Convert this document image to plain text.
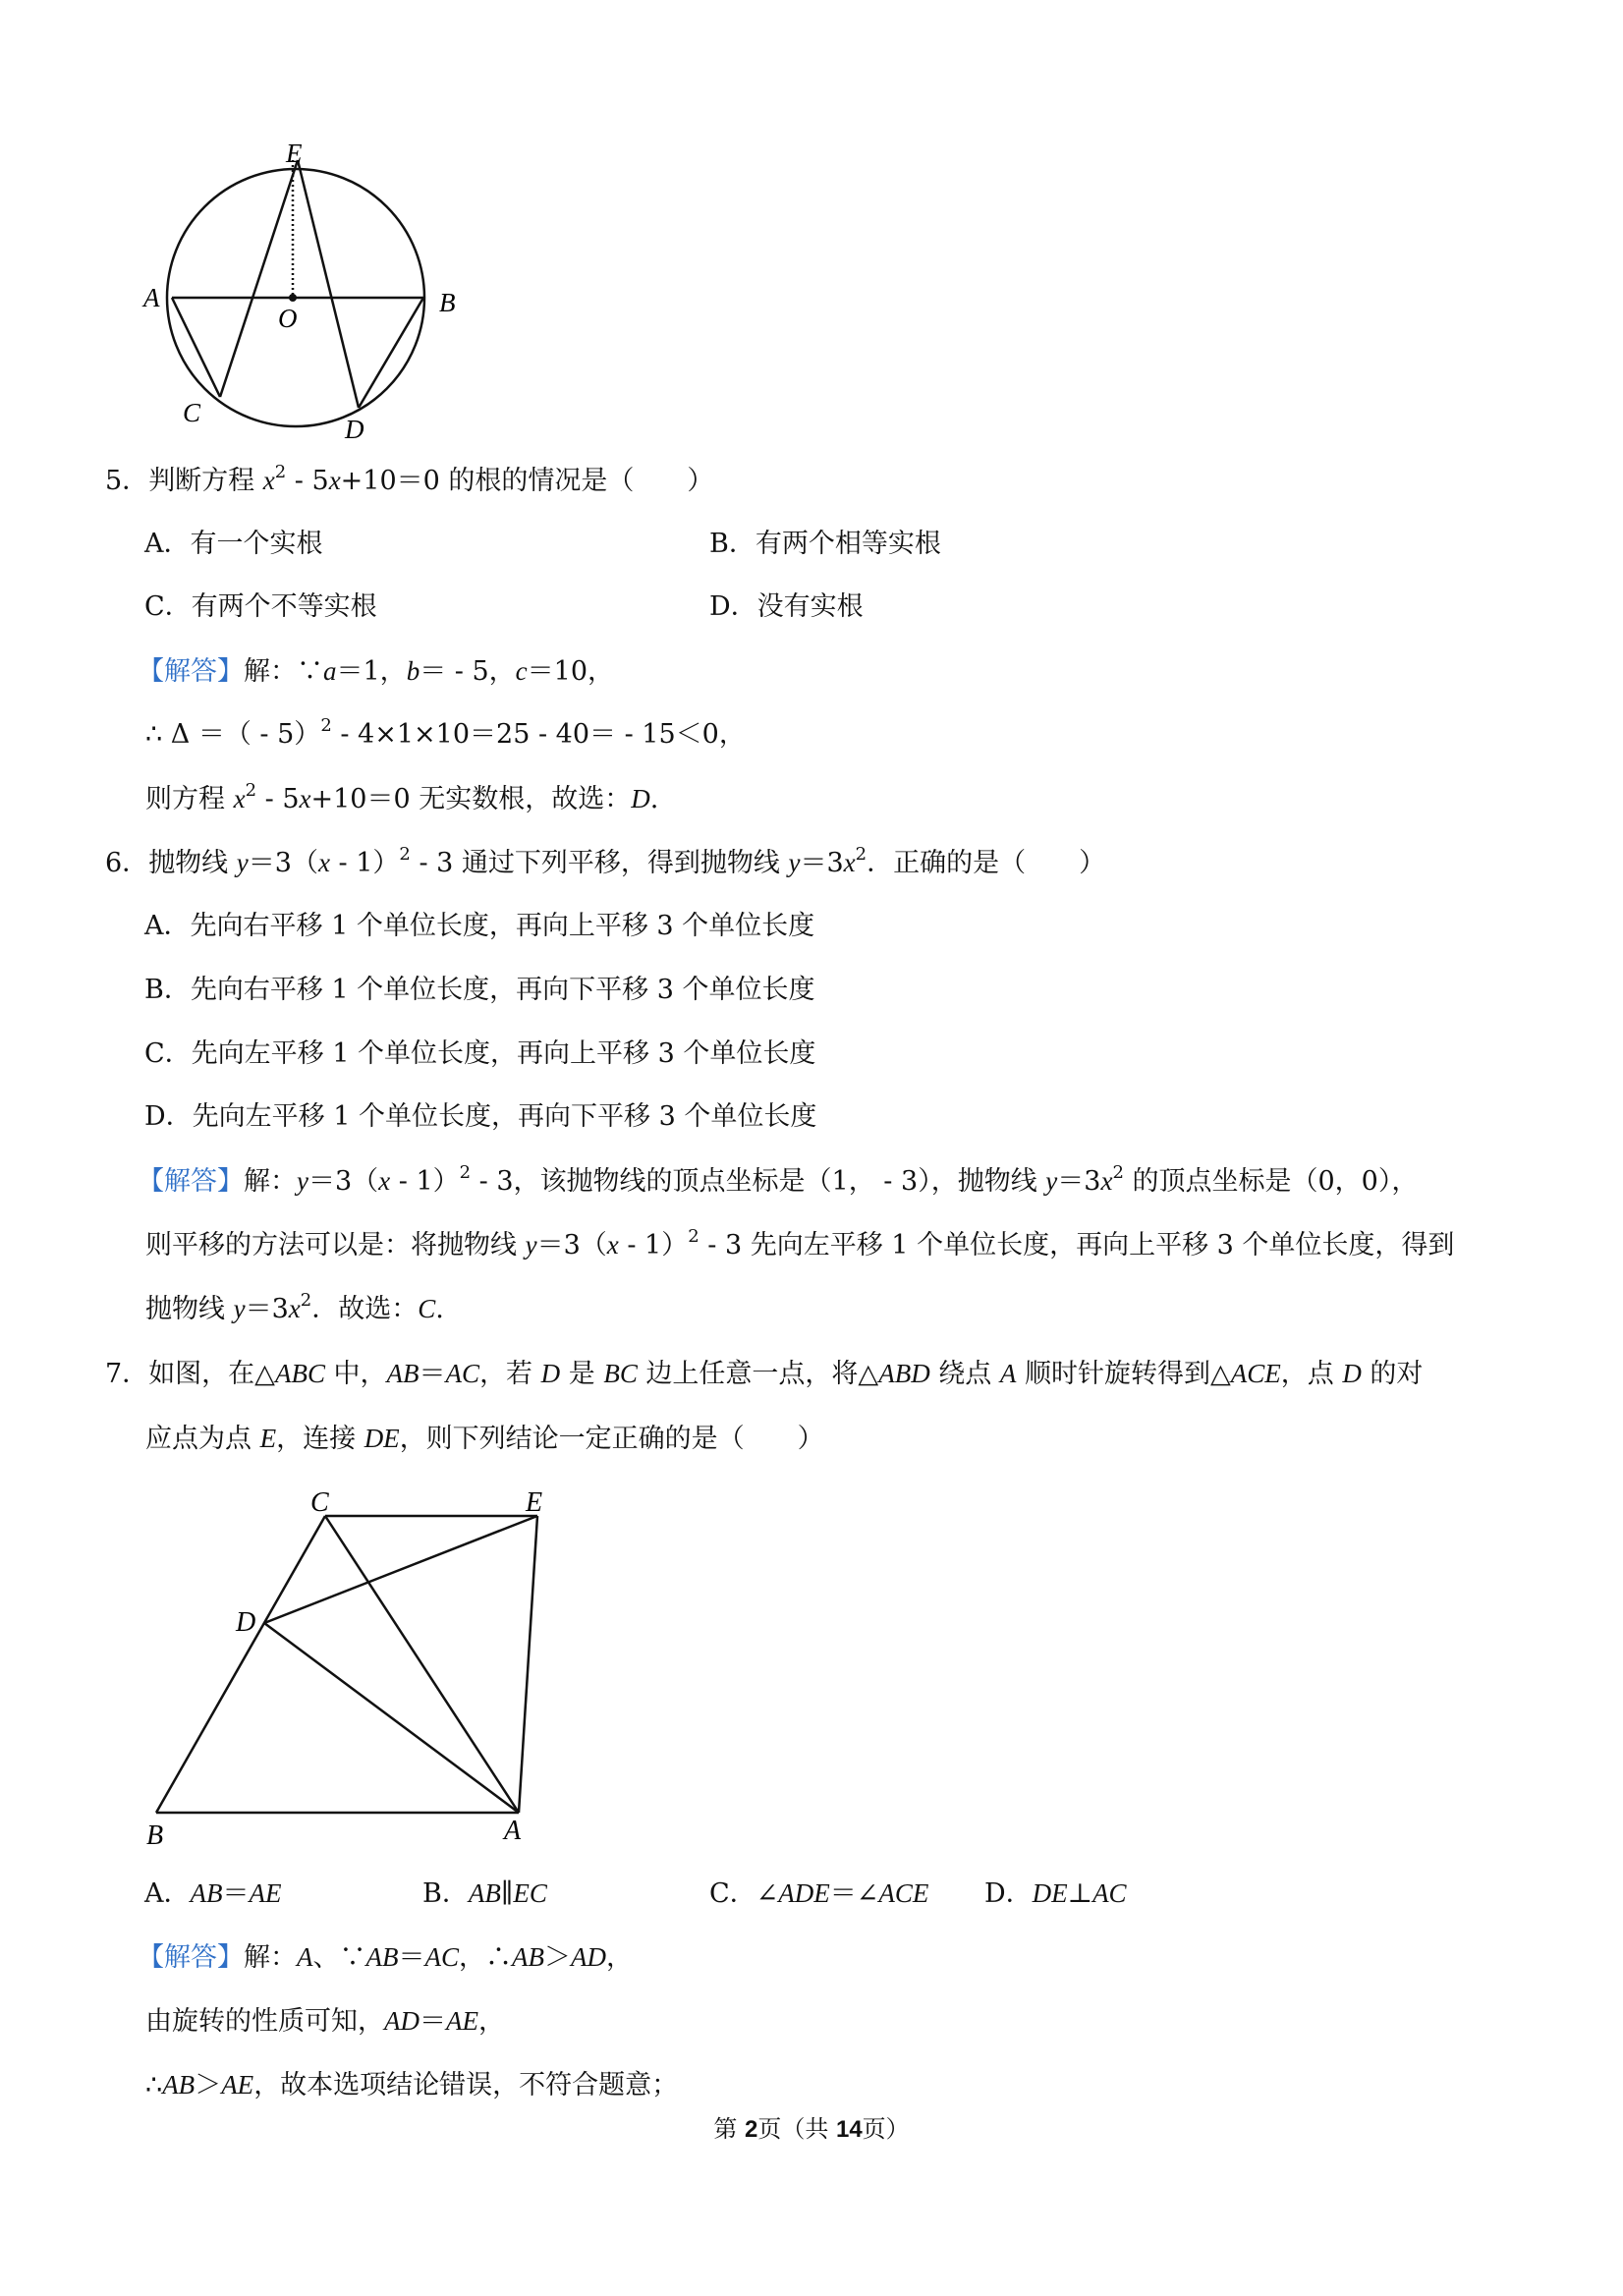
E
A
O
B
C
D
5．判断方程 $x^2 - 5x+10=0$ 的根的情况是（　　）
A．有一个实根	B．有两个相等实根
C．有两个不等实根	D．没有实根
【解答】解：∵a＝1，b＝ - 5，c＝10，
∴ Δ ＝（ - 5）$^2$ - 4×1×10＝25 - 40＝ - 15＜0，
则方程 $x^2 - 5x+10=0$ 无实数根，故选：D.
6．抛物线 y＝3（x - 1）$^2$ - 3 通过下列平移，得到抛物线 $y=3x^2$．正确的是（　　）
A．先向右平移 1 个单位长度，再向上平移 3 个单位长度
B．先向右平移 1 个单位长度，再向下平移 3 个单位长度
C．先向左平移 1 个单位长度，再向上平移 3 个单位长度
D．先向左平移 1 个单位长度，再向下平移 3 个单位长度
【解答】解：y＝3（x - 1）$^2$ - 3，该抛物线的顶点坐标是（1， - 3），抛物线 $y=3x^2$ 的顶点坐标是（0，0），
则平移的方法可以是：将抛物线 y＝3（x - 1）$^2$ - 3 先向左平移 1 个单位长度，再向上平移 3 个单位长度，得到
抛物线 $y=3x^2$．故选：C.
7．如图，在△ABC 中，AB＝AC，若 D 是 BC 边上任意一点，将△ABD 绕点 A 顺时针旋转得到△ACE，点 D 的对
应点为点 E，连接 DE，则下列结论一定正确的是（　　）
C	E
D
B	A
A．AB＝AE	B．AB∥EC	C．∠ADE＝∠ACE D．DE⊥AC
【解答】解：A、∵AB＝AC，∴AB＞AD，
由旋转的性质可知，AD＝AE，
∴AB＞AE，故本选项结论错误，不符合题意；
第 2页（共 14页）
